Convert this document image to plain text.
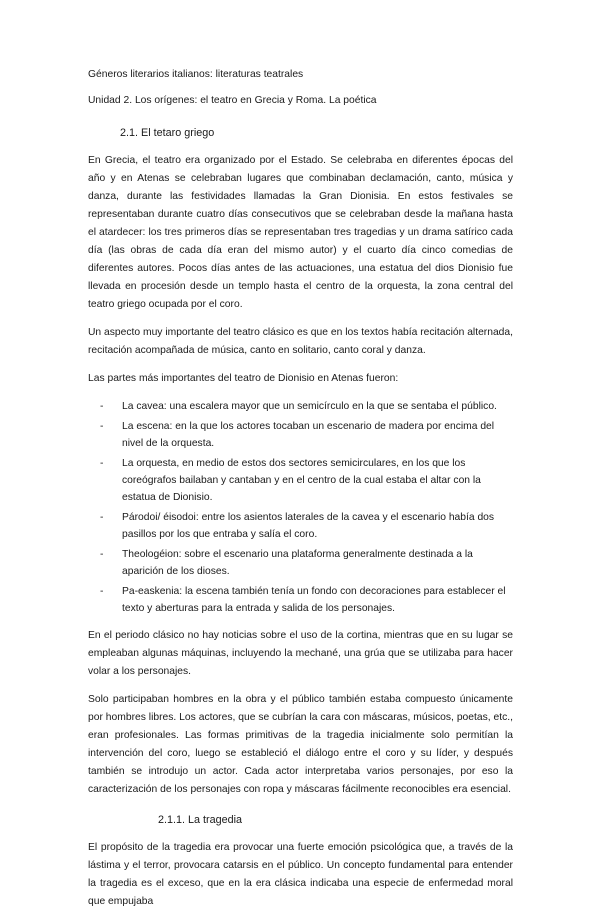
Géneros literarios italianos: literaturas teatrales
Unidad 2. Los orígenes: el teatro en Grecia y Roma. La poética
2.1. El tetaro griego

En Grecia, el teatro era organizado por el Estado. Se celebraba en diferentes épocas del año y en Atenas se celebraban lugares que combinaban declamación, canto, música y danza, durante las festividades llamadas la Gran Dionisia. En estos festivales se representaban durante cuatro días consecutivos que se celebraban desde la mañana hasta el atardecer: los tres primeros días se representaban tres tragedias y un drama satírico cada día (las obras de cada día eran del mismo autor) y el cuarto día cinco comedias de diferentes autores. Pocos días antes de las actuaciones, una estatua del dios Dionisio fue llevada en procesión desde un templo hasta el centro de la orquesta, la zona central del teatro griego ocupada por el coro.

Un aspecto muy importante del teatro clásico es que en los textos había recitación alternada, recitación acompañada de música, canto en solitario, canto coral y danza.

Las partes más importantes del teatro de Dionisio en Atenas fueron:

- La cavea: una escalera mayor que un semicírculo en la que se sentaba el público.
- La escena: en la que los actores tocaban un escenario de madera por encima del nivel de la orquesta.
- La orquesta, en medio de estos dos sectores semicirculares, en los que los coreógrafos bailaban y cantaban y en el centro de la cual estaba el altar con la estatua de Dionisio.
- Párodoi/ éisodoi: entre los asientos laterales de la cavea y el escenario había dos pasillos por los que entraba y salía el coro.
- Theologéion: sobre el escenario una plataforma generalmente destinada a la aparición de los dioses.
- Pa-easkenia: la escena también tenía un fondo con decoraciones para establecer el texto y aberturas para la entrada y salida de los personajes.

En el periodo clásico no hay noticias sobre el uso de la cortina, mientras que en su lugar se empleaban algunas máquinas, incluyendo la mechané, una grúa que se utilizaba para hacer volar a los personajes.

Solo participaban hombres en la obra y el público también estaba compuesto únicamente por hombres libres. Los actores, que se cubrían la cara con máscaras, músicos, poetas, etc., eran profesionales. Las formas primitivas de la tragedia inicialmente solo permitían la intervención del coro, luego se estableció el diálogo entre el coro y su líder, y después también se introdujo un actor. Cada actor interpretaba varios personajes, por eso la caracterización de los personajes con ropa y máscaras fácilmente reconocibles era esencial.

2.1.1. La tragedia

El propósito de la tragedia era provocar una fuerte emoción psicológica que, a través de la lástima y el terror, provocara catarsis en el público. Un concepto fundamental para entender la tragedia es el exceso, que en la era clásica indicaba una especie de enfermedad moral que empujaba
